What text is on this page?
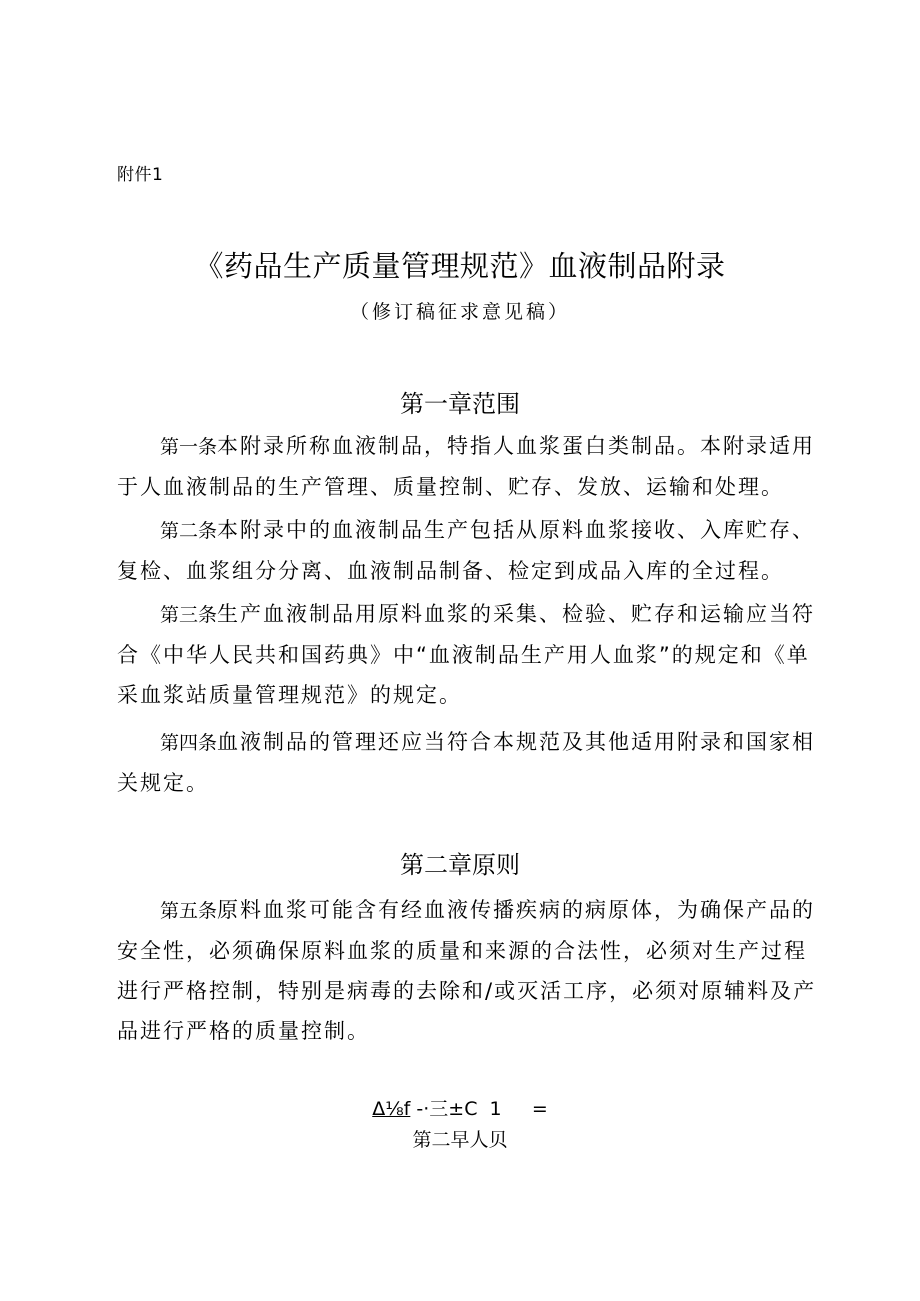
附件1
《药品生产质量管理规范》血液制品附录
（修订稿征求意见稿）
第一章范围

第一条本附录所称血液制品，特指人血浆蛋白类制品。本附录适用于人血液制品的生产管理、质量控制、贮存、发放、运输和处理。

第二条本附录中的血液制品生产包括从原料血浆接收、入库贮存、复检、血浆组分分离、血液制品制备、检定到成品入库的全过程。

第三条生产血液制品用原料血浆的采集、检验、贮存和运输应当符合《中华人民共和国药典》中“血液制品生产用人血浆”的规定和《单采血浆站质量管理规范》的规定。

第四条血液制品的管理还应当符合本规范及其他适用附录和国家相关规定。

第二章原则

第五条原料血浆可能含有经血液传播疾病的病原体，为确保产品的安全性，必须确保原料血浆的质量和来源的合法性，必须对生产过程进行严格控制，特别是病毒的去除和/或灭活工序，必须对原辅料及产品进行严格的质量控制。

Δ⅛f -·三±C  1     =
第二早人贝
